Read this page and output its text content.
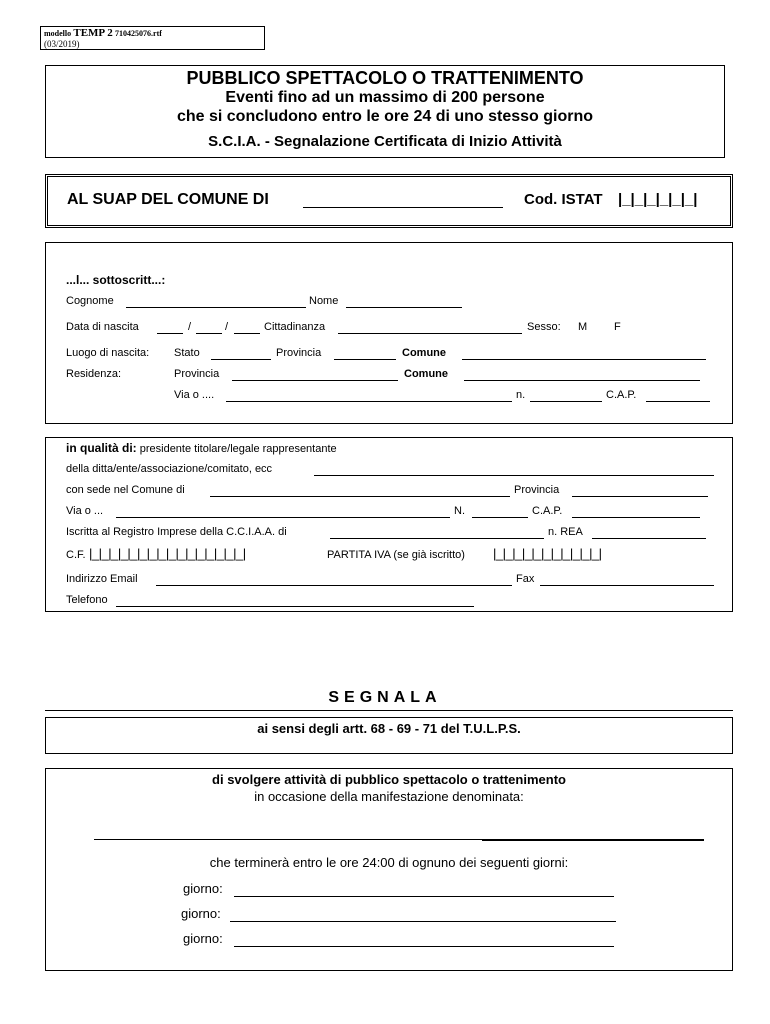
modello TEMP 2 710425076.rtf
(03/2019)
PUBBLICO SPETTACOLO O TRATTENIMENTO
Eventi fino ad un massimo di 200 persone
che si concludono entro le ore 24 di uno stesso giorno
S.C.I.A. - Segnalazione Certificata di Inizio Attività
AL SUAP DEL COMUNE DI	Cod. ISTAT |_|_|_|_|_|_|
...l... sottoscritt...:
Cognome	Nome
Data di nascita	/	/	Cittadinanza	Sesso: M F
Luogo di nascita: Stato	Provincia	Comune
Residenza:	Provincia	Comune
Via o ....	n.	C.A.P.
in qualità di: presidente titolare/legale rappresentante
della ditta/ente/associazione/comitato, ecc
con sede nel Comune di	Provincia
Via o ...	N.	C.A.P.
Iscritta al Registro Imprese della C.C.I.A.A. di	n. REA
C.F. |_|_|_|_|_|_|_|_|_|_|_|_|_|_|_|_|	PARTITA IVA (se già iscritto) |_|_|_|_|_|_|_|_|_|_|_|
Indirizzo Email	Fax
Telefono
SEGNALA
ai sensi degli artt. 68 - 69 - 71 del T.U.L.P.S.
di svolgere attività di pubblico spettacolo o trattenimento
in occasione della manifestazione denominata:
che terminerà entro le ore 24:00 di ognuno dei seguenti giorni:
giorno:
giorno:
giorno:
